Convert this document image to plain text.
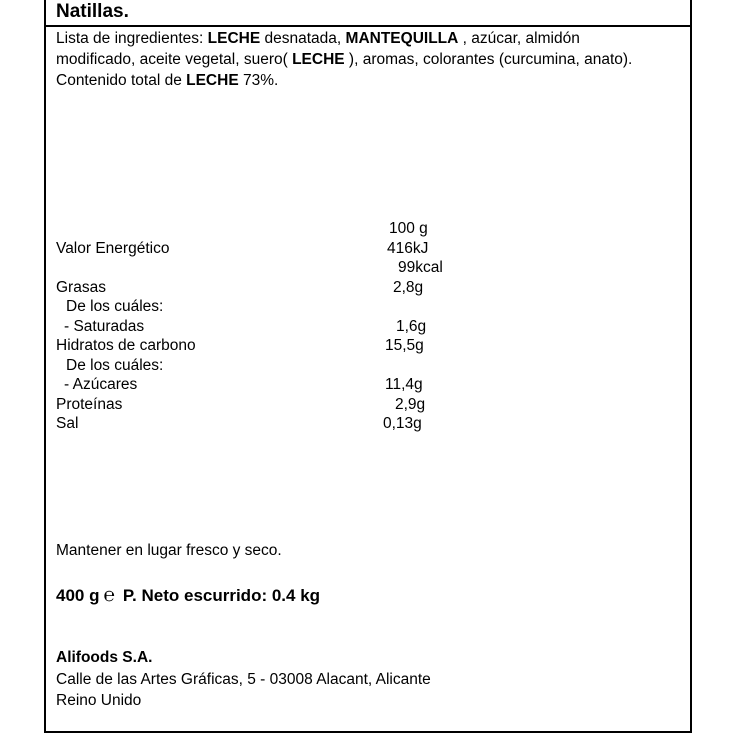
Natillas.
Lista de ingredientes: LECHE desnatada, MANTEQUILLA , azúcar, almidón modificado, aceite vegetal, suero( LECHE ), aromas, colorantes (curcumina, anato). Contenido total de LECHE 73%.
100 g
Valor Energético	416kJ
99kcal
Grasas	2,8g
De los cuáles:
- Saturadas	1,6g
Hidratos de carbono	15,5g
De los cuáles:
- Azúcares	11,4g
Proteínas	2,9g
Sal	0,13g
Mantener en lugar fresco y seco.
400 g ℮ P. Neto escurrido: 0.4 kg
Alifoods S.A.
Calle de las Artes Gráficas, 5 - 03008 Alacant, Alicante
Reino Unido
